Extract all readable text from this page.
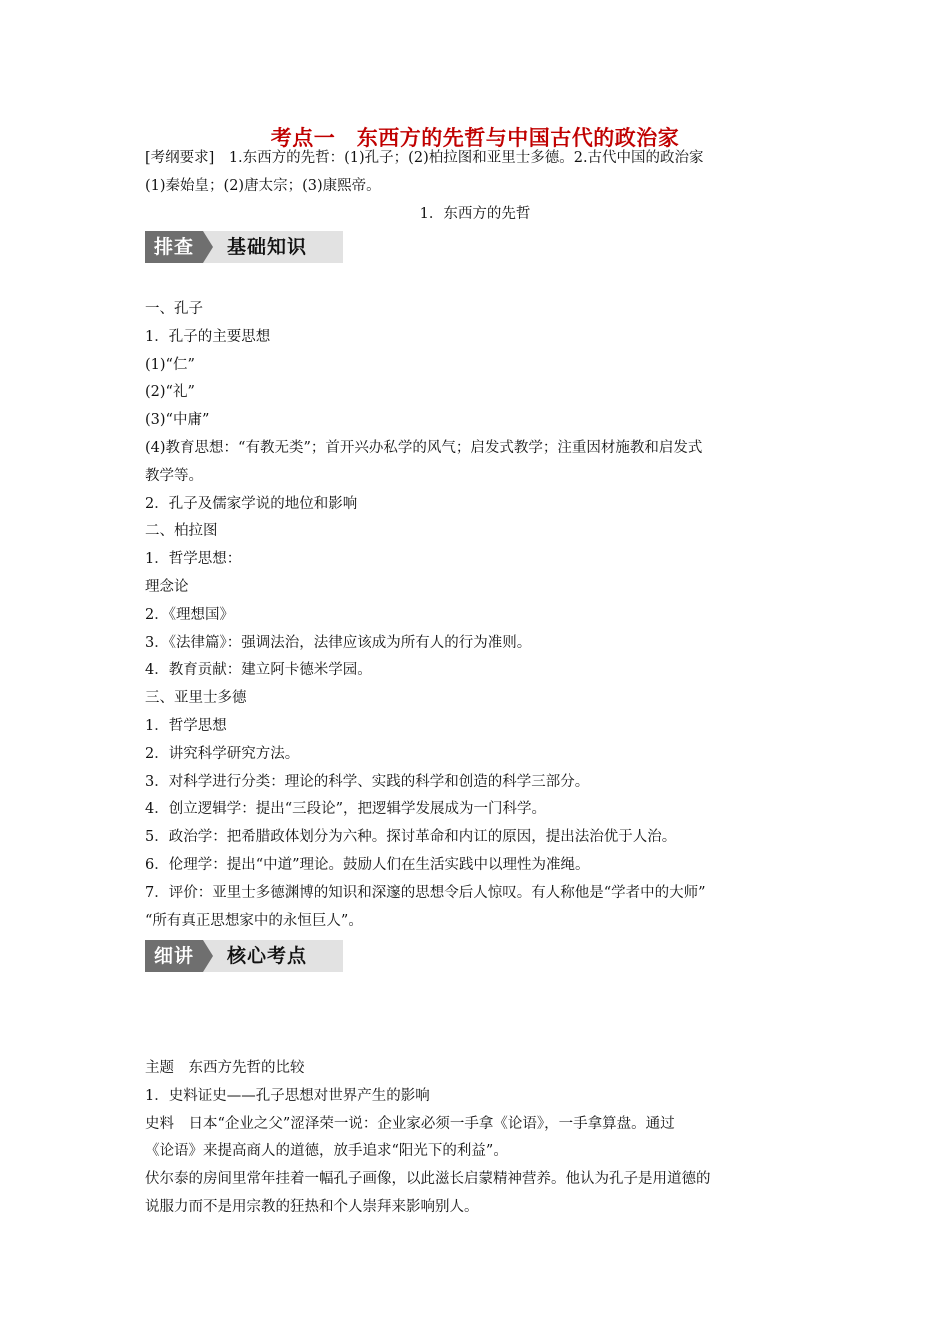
考点一　东西方的先哲与中国古代的政治家
[考纲要求]　1.东西方的先哲：(1)孔子；(2)柏拉图和亚里士多德。2.古代中国的政治家
(1)秦始皇；(2)唐太宗；(3)康熙帝。
1．东西方的先哲
排查	基础知识
一、孔子
1．孔子的主要思想
(1)“仁”
(2)“礼”
(3)“中庸”
(4)教育思想：“有教无类”；首开兴办私学的风气；启发式教学；注重因材施教和启发式
教学等。
2．孔子及儒家学说的地位和影响
二、柏拉图
1．哲学思想：
理念论
2．《理想国》
3．《法律篇》：强调法治，法律应该成为所有人的行为准则。
4．教育贡献：建立阿卡德米学园。
三、亚里士多德
1．哲学思想
2．讲究科学研究方法。
3．对科学进行分类：理论的科学、实践的科学和创造的科学三部分。
4．创立逻辑学：提出“三段论”，把逻辑学发展成为一门科学。
5．政治学：把希腊政体划分为六种。探讨革命和内讧的原因，提出法治优于人治。
6．伦理学：提出“中道”理论。鼓励人们在生活实践中以理性为准绳。
7．评价：亚里士多德渊博的知识和深邃的思想令后人惊叹。有人称他是“学者中的大师”
“所有真正思想家中的永恒巨人”。
细讲	核心考点
主题　东西方先哲的比较
1．史料证史——孔子思想对世界产生的影响
史料　日本“企业之父”涩泽荣一说：企业家必须一手拿《论语》，一手拿算盘。通过
《论语》来提高商人的道德，放手追求“阳光下的利益”。
伏尔泰的房间里常年挂着一幅孔子画像，以此滋长启蒙精神营养。他认为孔子是用道德的
说服力而不是用宗教的狂热和个人崇拜来影响别人。
